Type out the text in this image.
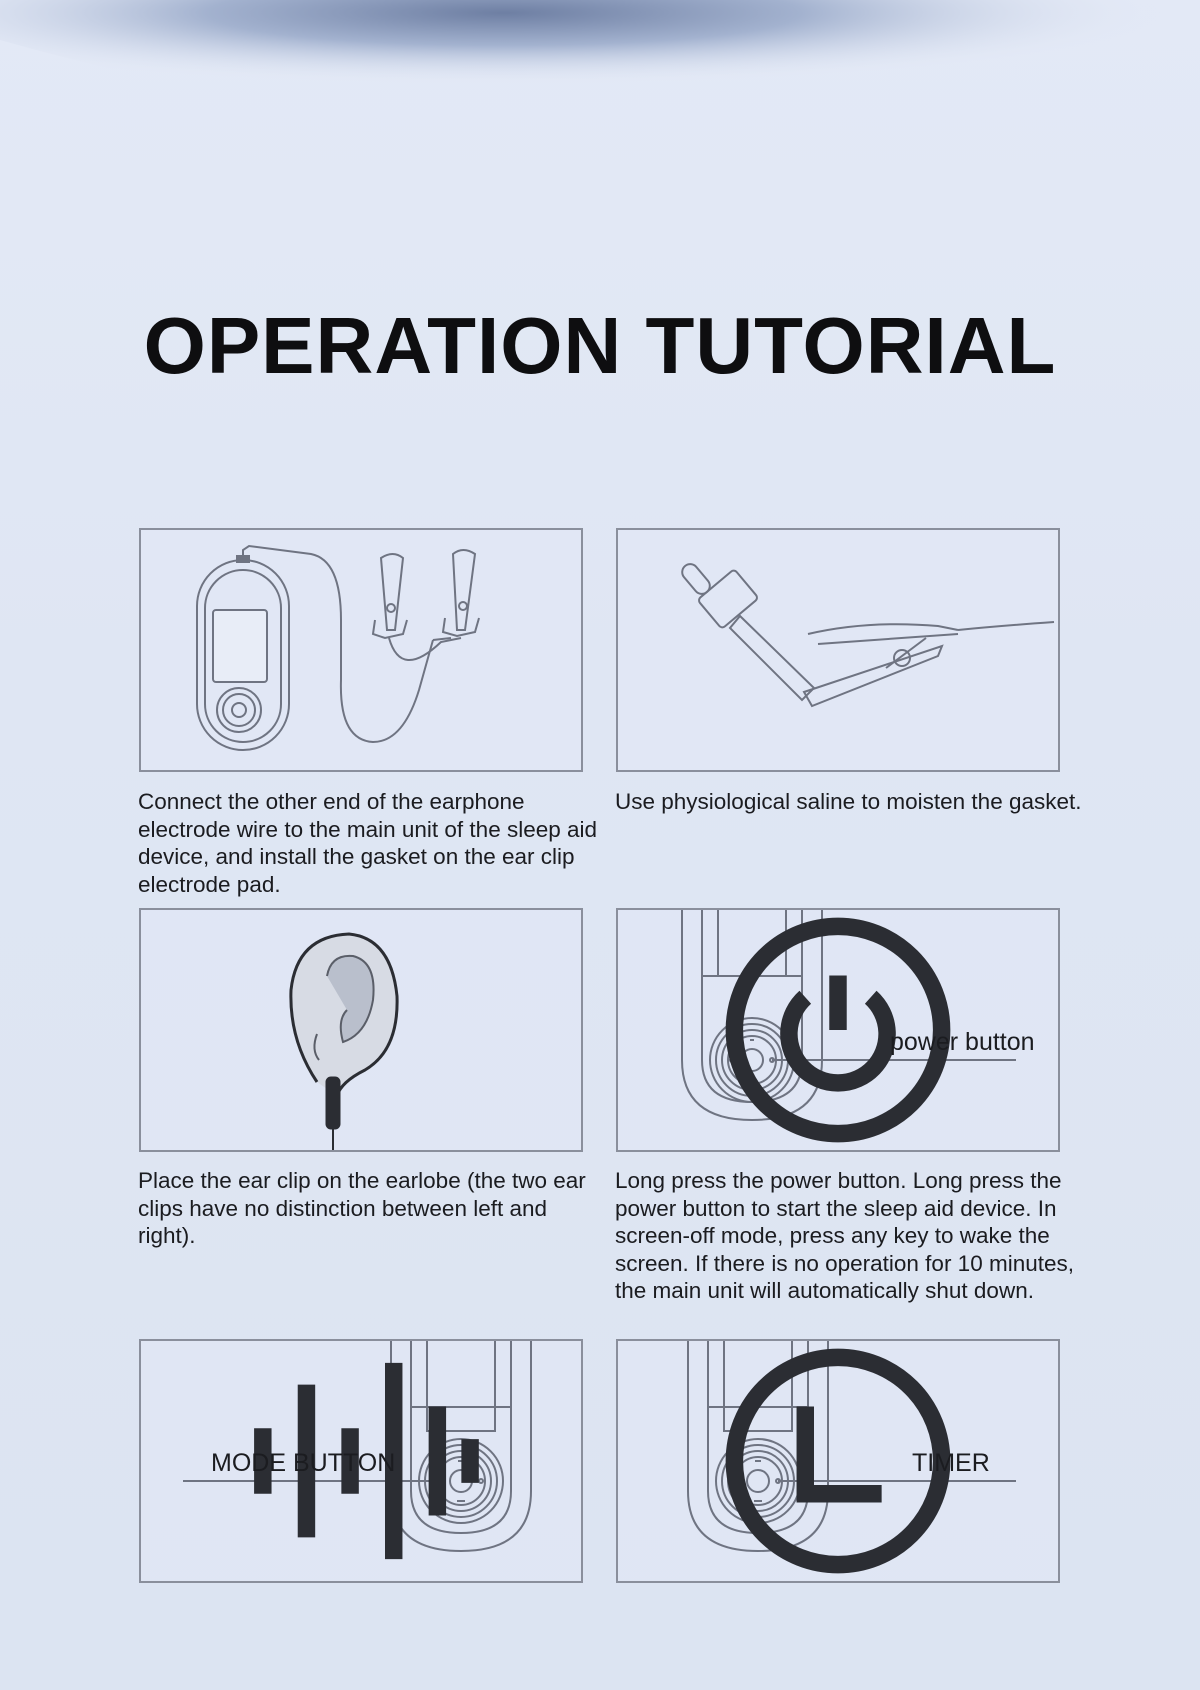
OPERATION TUTORIAL

Connect the other end of the earphone electrode wire to the main unit of the sleep aid device, and install the gasket on the ear clip electrode pad.

Use physiological saline to moisten the gasket.

Place the ear clip on the earlobe (the two ear clips have no distinction between left and right).

power button

Long press the power button. Long press the power button to start the sleep aid device. In screen-off mode, press any key to wake the screen. If there is no operation for 10 minutes, the main unit will automatically shut down.

MODE BUTTON	TIMER
